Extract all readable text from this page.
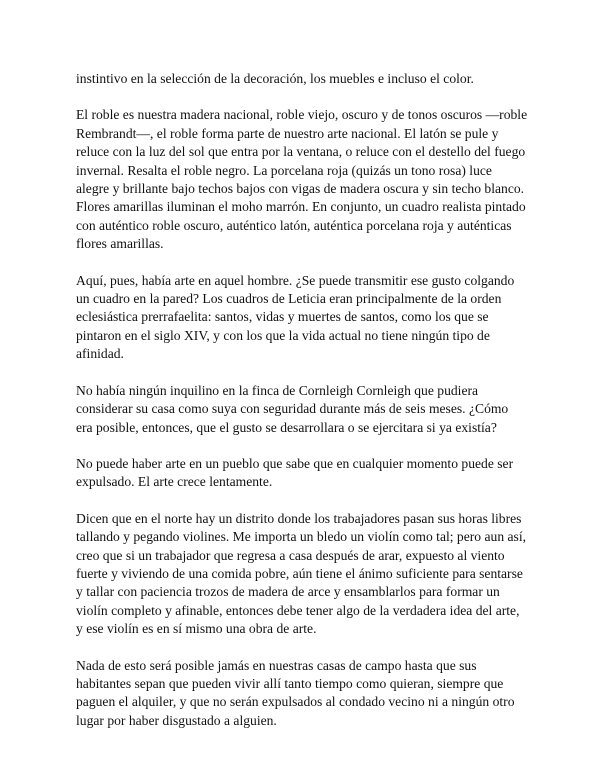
instintivo en la selección de la decoración, los muebles e incluso el color.

El roble es nuestra madera nacional, roble viejo, oscuro y de tonos oscuros —roble Rembrandt—, el roble forma parte de nuestro arte nacional. El latón se pule y reluce con la luz del sol que entra por la ventana, o reluce con el destello del fuego invernal. Resalta el roble negro. La porcelana roja (quizás un tono rosa) luce alegre y brillante bajo techos bajos con vigas de madera oscura y sin techo blanco. Flores amarillas iluminan el moho marrón. En conjunto, un cuadro realista pintado con auténtico roble oscuro, auténtico latón, auténtica porcelana roja y auténticas flores amarillas.

Aquí, pues, había arte en aquel hombre. ¿Se puede transmitir ese gusto colgando un cuadro en la pared? Los cuadros de Leticia eran principalmente de la orden eclesiástica prerrafaelita: santos, vidas y muertes de santos, como los que se pintaron en el siglo XIV, y con los que la vida actual no tiene ningún tipo de afinidad.

No había ningún inquilino en la finca de Cornleigh Cornleigh que pudiera considerar su casa como suya con seguridad durante más de seis meses. ¿Cómo era posible, entonces, que el gusto se desarrollara o se ejercitara si ya existía?

No puede haber arte en un pueblo que sabe que en cualquier momento puede ser expulsado. El arte crece lentamente.

Dicen que en el norte hay un distrito donde los trabajadores pasan sus horas libres tallando y pegando violines. Me importa un bledo un violín como tal; pero aun así, creo que si un trabajador que regresa a casa después de arar, expuesto al viento fuerte y viviendo de una comida pobre, aún tiene el ánimo suficiente para sentarse y tallar con paciencia trozos de madera de arce y ensamblarlos para formar un violín completo y afinable, entonces debe tener algo de la verdadera idea del arte, y ese violín es en sí mismo una obra de arte.

Nada de esto será posible jamás en nuestras casas de campo hasta que sus habitantes sepan que pueden vivir allí tanto tiempo como quieran, siempre que paguen el alquiler, y que no serán expulsados al condado vecino ni a ningún otro lugar por haber disgustado a alguien.
